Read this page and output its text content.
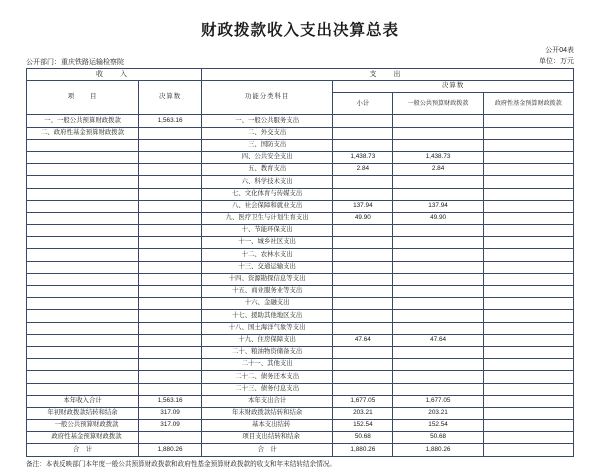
财政拨款收入支出决算总表
公开部门：重庆铁路运输检察院
公开04表
单位：万元
收　入		支　出			
项　　目	决算数	功能分类科目	决算数		
			小计	一般公共预算财政拨款	政府性基金预算财政拨款
一、一般公共预算财政拨款	1,563.16	一、一般公共服务支出			
二、政府性基金预算财政拨款		二、外交支出			
		三、国防支出			
		四、公共安全支出	1,438.73	1,438.73	
		五、教育支出	2.84	2.84	
		六、科学技术支出			
		七、文化体育与传媒支出			
		八、社会保障和就业支出	137.94	137.94	
		九、医疗卫生与计划生育支出	49.90	49.90	
		十、节能环保支出			
		十一、城乡社区支出			
		十二、农林水支出			
		十三、交通运输支出			
		十四、资源勘探信息等支出			
		十五、商业服务业等支出			
		十六、金融支出			
		十七、援助其他地区支出			
		十八、国土海洋气象等支出			
		十九、住房保障支出	47.64	47.64	
		二十、粮油物资储备支出			
		二十一、其他支出			
		二十二、债务还本支出			
		二十三、债务付息支出			
本年收入合计	1,563.16	本年支出合计	1,677.05	1,677.05	
年初财政拨款结转和结余	317.09	年末财政拨款结转和结余	203.21	203.21	
一般公共预算财政拨款	317.09	基本支出结转	152.54	152.54	
政府性基金预算财政拨款		项目支出结转和结余	50.68	50.68	
合　计	1,880.26	合　计	1,880.26	1,880.26	
备注：本表反映部门本年度一般公共预算财政拨款和政府性基金预算财政拨款的收支和年末结转结余情况。
